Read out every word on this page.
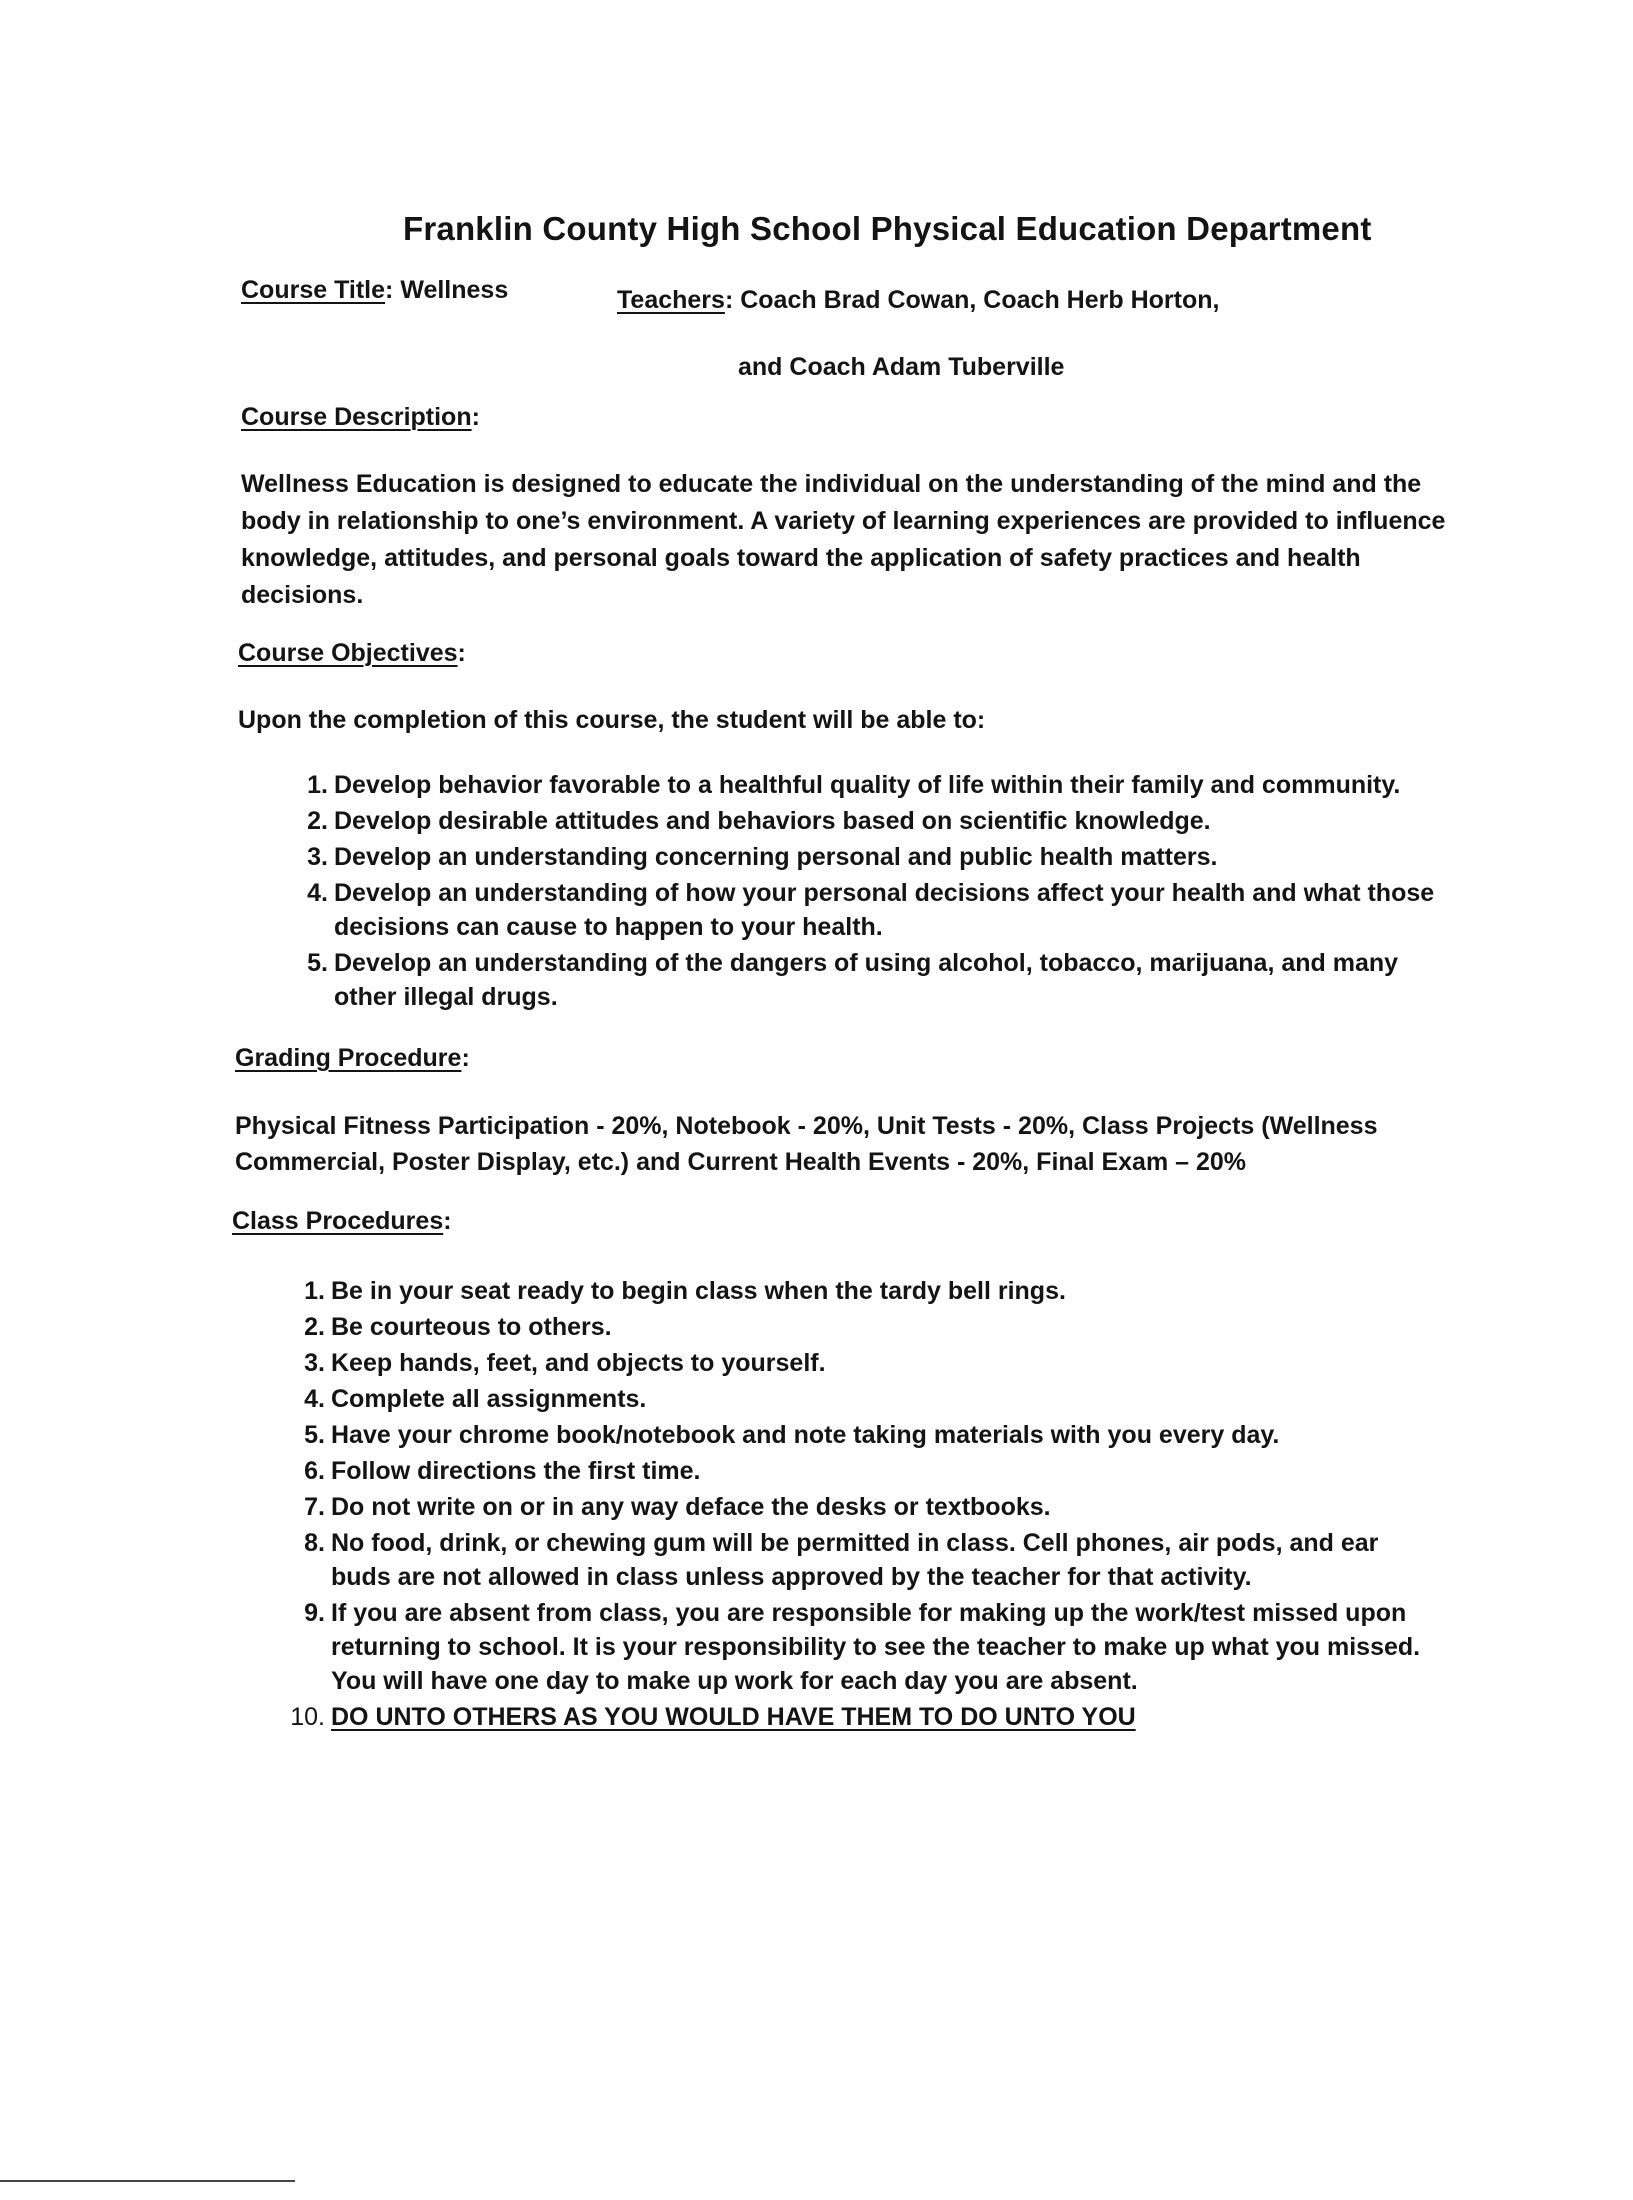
Franklin County High School Physical Education Department
Course Title: Wellness	Teachers: Coach Brad Cowan, Coach Herb Horton,
and Coach Adam Tuberville
Course Description:
Wellness Education is designed to educate the individual on the understanding of the mind and the body in relationship to one’s environment. A variety of learning experiences are provided to influence knowledge, attitudes, and personal goals toward the application of safety practices and health decisions.
Course Objectives:
Upon the completion of this course, the student will be able to:
1. Develop behavior favorable to a healthful quality of life within their family and community.
2. Develop desirable attitudes and behaviors based on scientific knowledge.
3. Develop an understanding concerning personal and public health matters.
4. Develop an understanding of how your personal decisions affect your health and what those decisions can cause to happen to your health.
5. Develop an understanding of the dangers of using alcohol, tobacco, marijuana, and many other illegal drugs.
Grading Procedure:
Physical Fitness Participation - 20%, Notebook - 20%, Unit Tests - 20%, Class Projects (Wellness Commercial, Poster Display, etc.) and Current Health Events - 20%, Final Exam – 20%
Class Procedures:
1. Be in your seat ready to begin class when the tardy bell rings.
2. Be courteous to others.
3. Keep hands, feet, and objects to yourself.
4. Complete all assignments.
5. Have your chrome book/notebook and note taking materials with you every day.
6. Follow directions the first time.
7. Do not write on or in any way deface the desks or textbooks.
8. No food, drink, or chewing gum will be permitted in class. Cell phones, air pods, and ear buds are not allowed in class unless approved by the teacher for that activity.
9. If you are absent from class, you are responsible for making up the work/test missed upon returning to school. It is your responsibility to see the teacher to make up what you missed. You will have one day to make up work for each day you are absent.
10. DO UNTO OTHERS AS YOU WOULD HAVE THEM TO DO UNTO YOU
